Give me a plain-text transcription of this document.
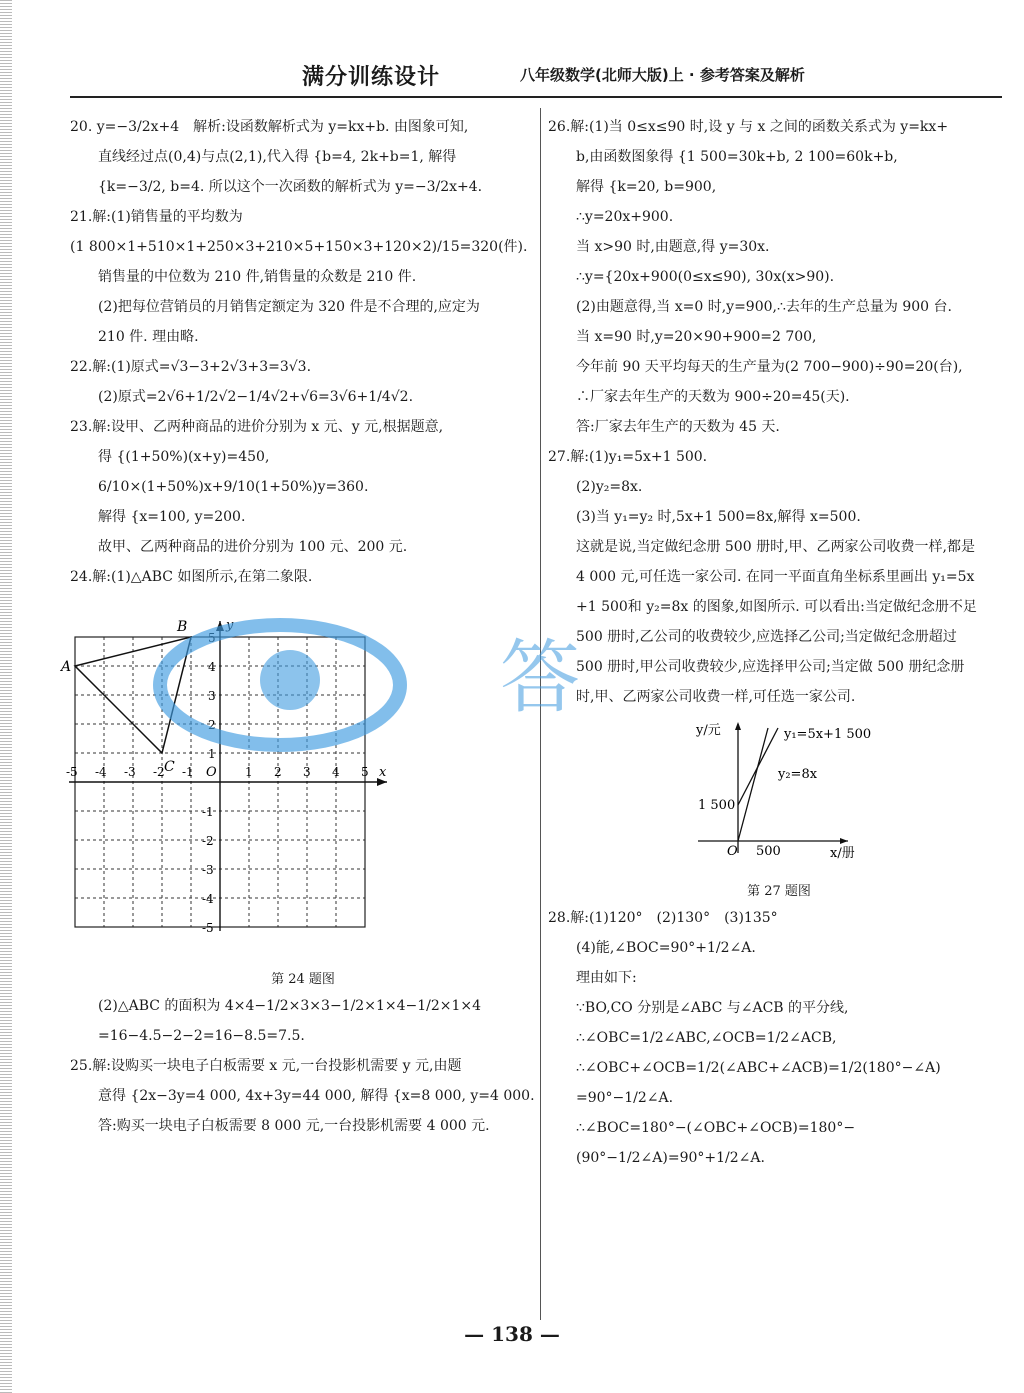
满分训练设计	八年级数学(北师大版)上 · 参考答案及解析
20. y=−3/2x+4　解析:设函数解析式为 y=kx+b. 由图象可知,
直线经过点(0,4)与点(2,1),代入得 {b=4, 2k+b=1, 解得
{k=−3/2, b=4. 所以这个一次函数的解析式为 y=−3/2x+4.
21.解:(1)销售量的平均数为
(1 800×1+510×1+250×3+210×5+150×3+120×2)/15=320(件).
销售量的中位数为 210 件,销售量的众数是 210 件.
(2)把每位营销员的月销售定额定为 320 件是不合理的,应定为
210 件. 理由略.
22.解:(1)原式=√3−3+2√3+3=3√3.
(2)原式=2√6+1/2√2−1/4√2+√6=3√6+1/4√2.
23.解:设甲、乙两种商品的进价分别为 x 元、y 元,根据题意,
得 {(1+50%)(x+y)=450,
6/10×(1+50%)x+9/10(1+50%)y=360.
解得 {x=100, y=200.
故甲、乙两种商品的进价分别为 100 元、200 元.
24.解:(1)△ABC 如图所示,在第二象限.
x
y
O
-5
-5
-4
-4
-3
-3
-2
-2
-1
-1
1
1
2
2
3
3
4
4
5
5
A
B
C
第 24 题图
(2)△ABC 的面积为 4×4−1/2×3×3−1/2×1×4−1/2×1×4
=16−4.5−2−2=16−8.5=7.5.
25.解:设购买一块电子白板需要 x 元,一台投影机需要 y 元,由题
意得 {2x−3y=4 000, 4x+3y=44 000, 解得 {x=8 000, y=4 000.
答:购买一块电子白板需要 8 000 元,一台投影机需要 4 000 元.
26.解:(1)当 0≤x≤90 时,设 y 与 x 之间的函数关系式为 y=kx+
b,由函数图象得 {1 500=30k+b, 2 100=60k+b,
解得 {k=20, b=900,
∴y=20x+900.
当 x>90 时,由题意,得 y=30x.
∴y={20x+900(0≤x≤90), 30x(x>90).
(2)由题意得,当 x=0 时,y=900,∴去年的生产总量为 900 台.
当 x=90 时,y=20×90+900=2 700,
今年前 90 天平均每天的生产量为(2 700−900)÷90=20(台),
∴厂家去年生产的天数为 900÷20=45(天).
答:厂家去年生产的天数为 45 天.
27.解:(1)y₁=5x+1 500.
(2)y₂=8x.
(3)当 y₁=y₂ 时,5x+1 500=8x,解得 x=500.
这就是说,当定做纪念册 500 册时,甲、乙两家公司收费一样,都是
4 000 元,可任选一家公司. 在同一平面直角坐标系里画出 y₁=5x
+1 500和 y₂=8x 的图象,如图所示. 可以看出:当定做纪念册不足
500 册时,乙公司的收费较少,应选择乙公司;当定做纪念册超过
500 册时,甲公司收费较少,应选择甲公司;当定做 500 册纪念册
时,甲、乙两家公司收费一样,可任选一家公司.
y/元
x/册
O
1 500
500
y₁=5x+1 500
y₂=8x
第 27 题图
28.解:(1)120°　(2)130°　(3)135°
(4)能,∠BOC=90°+1/2∠A.
理由如下:
∵BO,CO 分别是∠ABC 与∠ACB 的平分线,
∴∠OBC=1/2∠ABC,∠OCB=1/2∠ACB,
∴∠OBC+∠OCB=1/2(∠ABC+∠ACB)=1/2(180°−∠A)
=90°−1/2∠A.
∴∠BOC=180°−(∠OBC+∠OCB)=180°−
(90°−1/2∠A)=90°+1/2∠A.
答
— 138 —
